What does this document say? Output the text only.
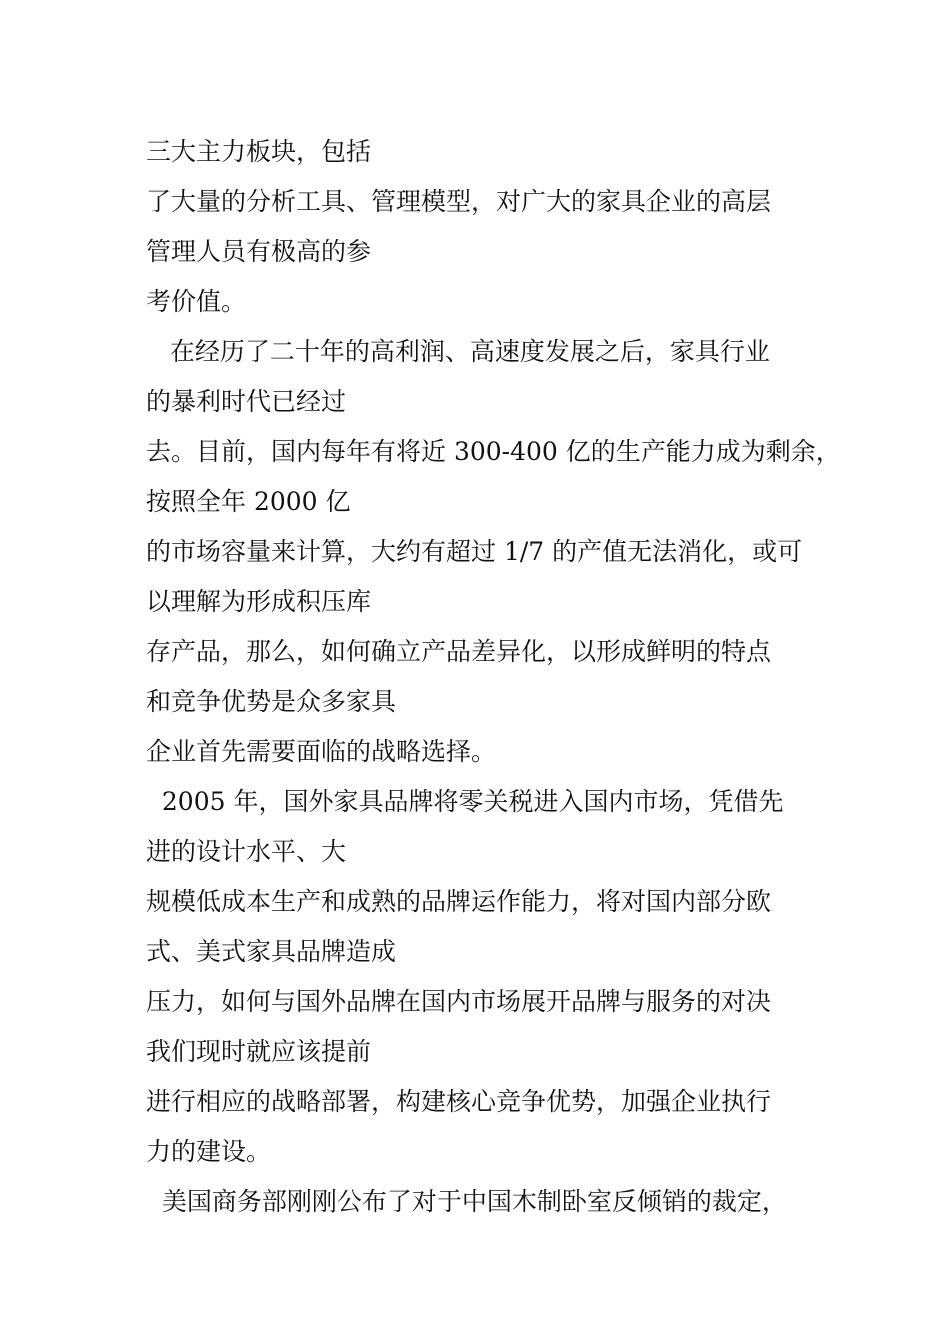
三大主力板块，包括
了大量的分析工具、管理模型，对广大的家具企业的高层
管理人员有极高的参
考价值。
在经历了二十年的高利润、高速度发展之后，家具行业
的暴利时代已经过
去。目前，国内每年有将近 300-400 亿的生产能力成为剩余，
按照全年 2000 亿
的市场容量来计算，大约有超过 1/7 的产值无法消化，或可
以理解为形成积压库
存产品，那么，如何确立产品差异化，以形成鲜明的特点
和竞争优势是众多家具
企业首先需要面临的战略选择。
2005 年，国外家具品牌将零关税进入国内市场，凭借先
进的设计水平、大
规模低成本生产和成熟的品牌运作能力，将对国内部分欧
式、美式家具品牌造成
压力，如何与国外品牌在国内市场展开品牌与服务的对决
我们现时就应该提前
进行相应的战略部署，构建核心竞争优势，加强企业执行
力的建设。
美国商务部刚刚公布了对于中国木制卧室反倾销的裁定，
